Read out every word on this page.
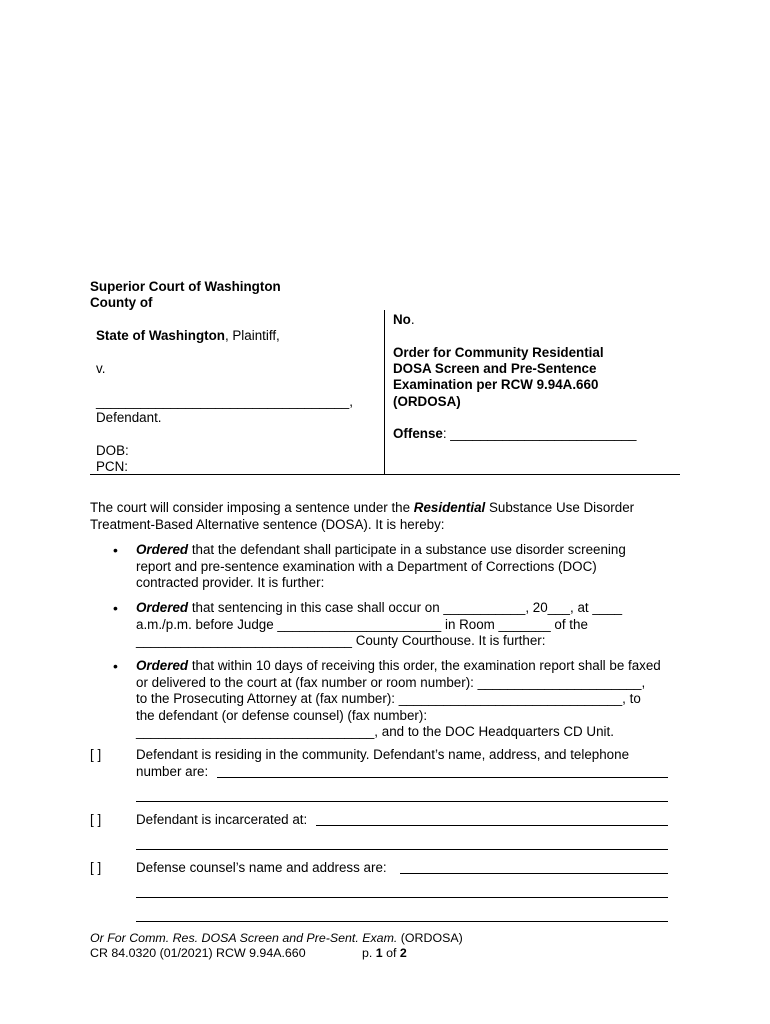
Superior Court of Washington
County of
State of Washington, Plaintiff,
v.
__________________________________,
Defendant.
DOB:
PCN:
No.
Order for Community Residential
DOSA Screen and Pre-Sentence
Examination per RCW 9.94A.660
(ORDOSA)
Offense: _________________________
The court will consider imposing a sentence under the Residential Substance Use Disorder
Treatment-Based Alternative sentence (DOSA). It is hereby:
• Ordered that the defendant shall participate in a substance use disorder screening
report and pre-sentence examination with a Department of Corrections (DOC)
contracted provider. It is further:
• Ordered that sentencing in this case shall occur on ___________, 20___, at ____
a.m./p.m. before Judge ______________________ in Room _______ of the
_____________________________ County Courthouse. It is further:
• Ordered that within 10 days of receiving this order, the examination report shall be faxed
or delivered to the court at (fax number or room number): ______________________,
to the Prosecuting Attorney at (fax number): ______________________________, to
the defendant (or defense counsel) (fax number):
________________________________, and to the DOC Headquarters CD Unit.
[ ]	Defendant is residing in the community. Defendant’s name, address, and telephone
number are:
[ ]	Defendant is incarcerated at:
[ ]	Defense counsel’s name and address are:
Or For Comm. Res. DOSA Screen and Pre-Sent. Exam. (ORDOSA)
CR 84.0320 (01/2021) RCW 9.94A.660	p. 1 of 2
